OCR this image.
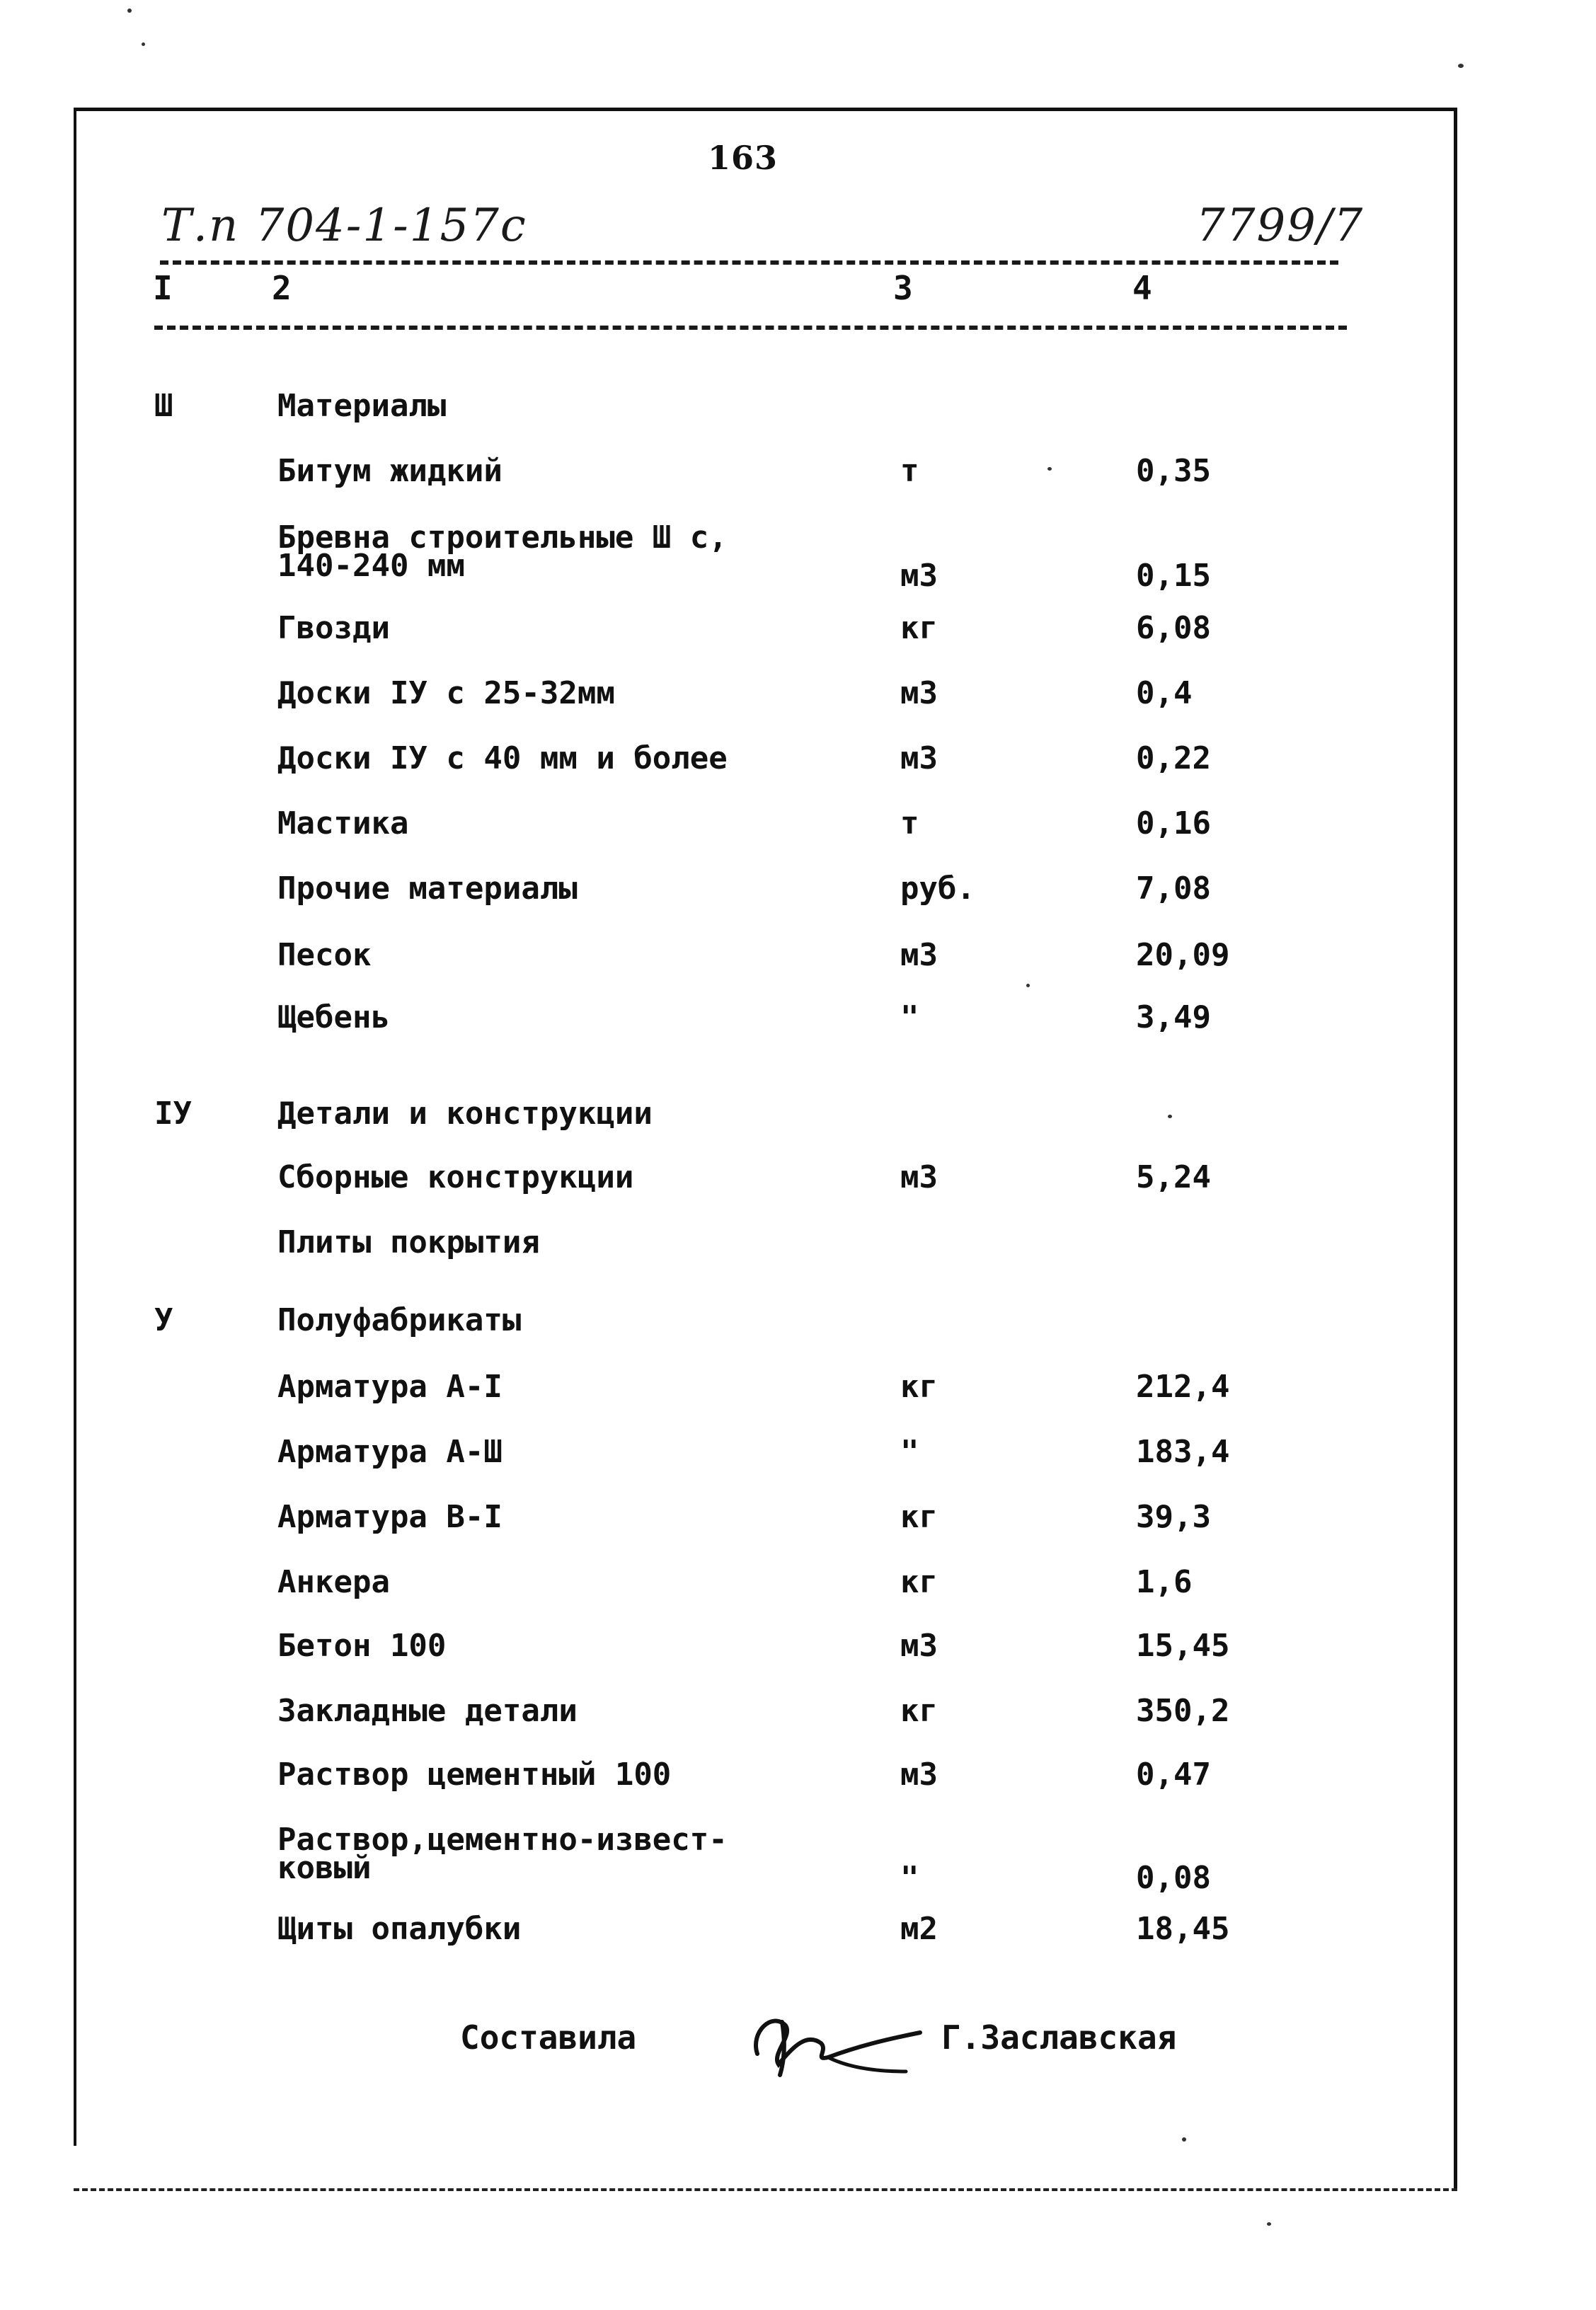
163
Т.п 704-1-157с	7799/7
I	2	3	4
Ш	Материалы
Битум жидкий	т	0,35
Бревна строительные Ш с,
140-240 мм	м3	0,15
Гвозди	кг	6,08
Доски IУ с 25-32мм	м3	0,4
Доски IУ с 40 мм и более	м3	0,22
Мастика	т	0,16
Прочие материалы	руб.	7,08
Песок	м3	20,09
Щебень	"	3,49
IУ	Детали и конструкции
Сборные конструкции	м3	5,24
Плиты покрытия
У	Полуфабрикаты
Арматура А-I	кг	212,4
Арматура А-Ш	"	183,4
Арматура В-I	кг	39,3
Анкера	кг	1,6
Бетон 100	м3	15,45
Закладные детали	кг	350,2
Раствор цементный 100	м3	0,47
Раствор,цементно-извест-
ковый	"	0,08
Щиты опалубки	м2	18,45
Составила	Г.Заславская
